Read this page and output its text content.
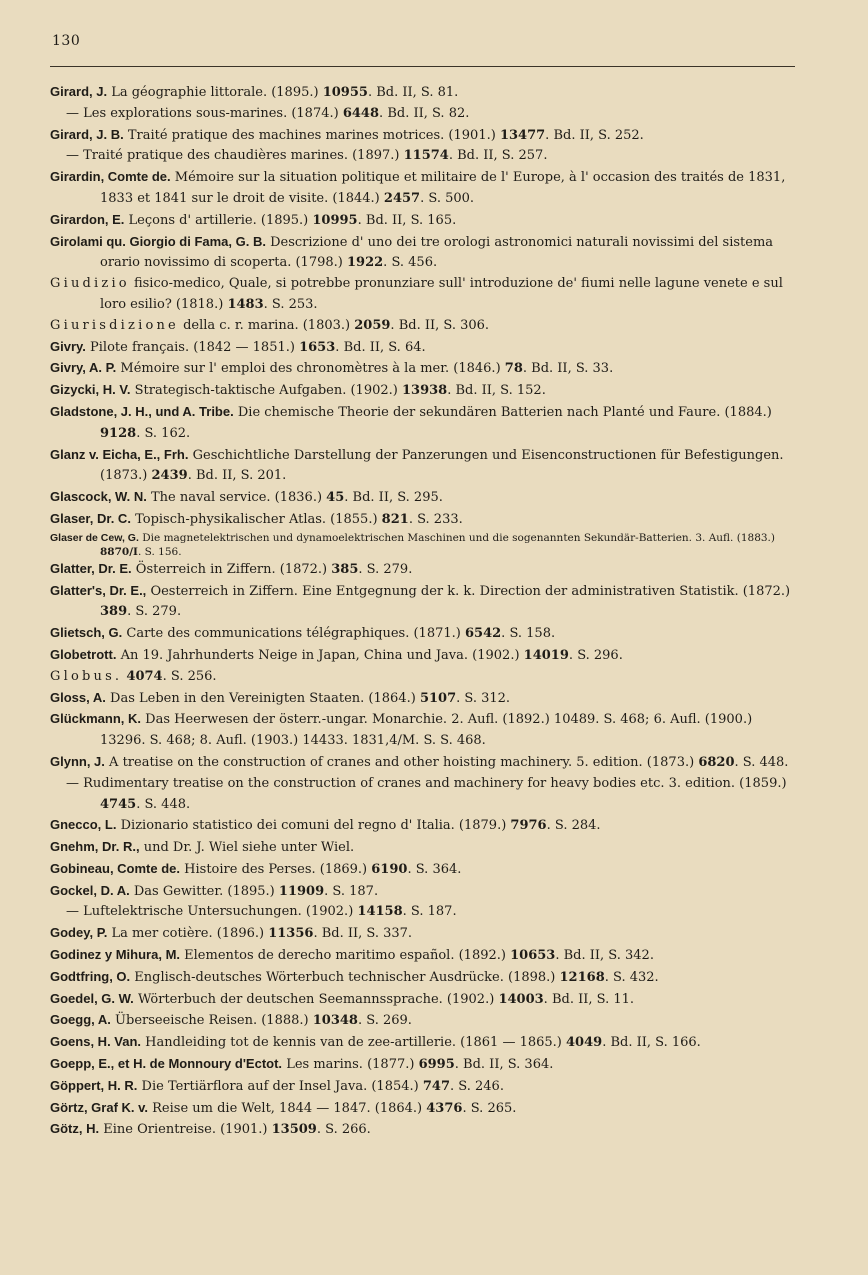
130

Girard, J. La géographie littorale. (1895.) 10955. Bd. II, S. 81.

— Les explorations sous-marines. (1874.) 6448. Bd. II, S. 82.

Girard, J. B. Traité pratique des machines marines motrices. (1901.) 13477. Bd. II, S. 252.

— Traité pratique des chaudières marines. (1897.) 11574. Bd. II, S. 257.

Girardin, Comte de. Mémoire sur la situation politique et militaire de l' Europe, à l' occasion des traités de 1831, 1833 et 1841 sur le droit de visite. (1844.) 2457. S. 500.

Girardon, E. Leçons d' artillerie. (1895.) 10995. Bd. II, S. 165.

Girolami qu. Giorgio di Fama, G. B. Descrizione d' uno dei tre orologi astronomici naturali novissimi del sistema orario novissimo di scoperta. (1798.) 1922. S. 456.

Giudizio fisico-medico, Quale, si potrebbe pronunziare sull' introduzione de' fiumi nelle lagune venete e sul loro esilio? (1818.) 1483. S. 253.

Giurisdizione della c. r. marina. (1803.) 2059. Bd. II, S. 306.

Givry. Pilote français. (1842 — 1851.) 1653. Bd. II, S. 64.

Givry, A. P. Mémoire sur l' emploi des chronomètres à la mer. (1846.) 78. Bd. II, S. 33.

Gizycki, H. V. Strategisch-taktische Aufgaben. (1902.) 13938. Bd. II, S. 152.

Gladstone, J. H., und A. Tribe. Die chemische Theorie der sekundären Batterien nach Planté und Faure. (1884.) 9128. S. 162.

Glanz v. Eicha, E., Frh. Geschichtliche Darstellung der Panzerungen und Eisenconstructionen für Befestigungen. (1873.) 2439. Bd. II, S. 201.

Glascock, W. N. The naval service. (1836.) 45. Bd. II, S. 295.

Glaser, Dr. C. Topisch-physikalischer Atlas. (1855.) 821. S. 233.

Glaser de Cew, G. Die magnetelektrischen und dynamoelektrischen Maschinen und die sogenannten Sekundär-Batterien. 3. Aufl. (1883.) 8870/I. S. 156.

Glatter, Dr. E. Österreich in Ziffern. (1872.) 385. S. 279.

Glatter's, Dr. E., Oesterreich in Ziffern. Eine Entgegnung der k. k. Direction der administrativen Statistik. (1872.) 389. S. 279.

Glietsch, G. Carte des communications télégraphiques. (1871.) 6542. S. 158.

Globetrott. An 19. Jahrhunderts Neige in Japan, China und Java. (1902.) 14019. S. 296.

Globus. 4074. S. 256.

Gloss, A. Das Leben in den Vereinigten Staaten. (1864.) 5107. S. 312.

Glückmann, K. Das Heerwesen der österr.-ungar. Monarchie. 2. Aufl. (1892.) 10489. S. 468; 6. Aufl. (1900.) 13296. S. 468; 8. Aufl. (1903.) 14433. 1831,4/M. S. S. 468.

Glynn, J. A treatise on the construction of cranes and other hoisting machinery. 5. edition. (1873.) 6820. S. 448.

— Rudimentary treatise on the construction of cranes and machinery for heavy bodies etc. 3. edition. (1859.) 4745. S. 448.

Gnecco, L. Dizionario statistico dei comuni del regno d' Italia. (1879.) 7976. S. 284.

Gnehm, Dr. R., und Dr. J. Wiel siehe unter Wiel.

Gobineau, Comte de. Histoire des Perses. (1869.) 6190. S. 364.

Gockel, D. A. Das Gewitter. (1895.) 11909. S. 187.

— Luftelektrische Untersuchungen. (1902.) 14158. S. 187.

Godey, P. La mer cotière. (1896.) 11356. Bd. II, S. 337.

Godinez y Mihura, M. Elementos de derecho maritimo español. (1892.) 10653. Bd. II, S. 342.

Godtfring, O. Englisch-deutsches Wörterbuch technischer Ausdrücke. (1898.) 12168. S. 432.

Goedel, G. W. Wörterbuch der deutschen Seemannssprache. (1902.) 14003. Bd. II, S. 11.

Goegg, A. Überseeische Reisen. (1888.) 10348. S. 269.

Goens, H. Van. Handleiding tot de kennis van de zee-artillerie. (1861 — 1865.) 4049. Bd. II, S. 166.

Goepp, E., et H. de Monnoury d'Ectot. Les marins. (1877.) 6995. Bd. II, S. 364.

Göppert, H. R. Die Tertiärflora auf der Insel Java. (1854.) 747. S. 246.

Görtz, Graf K. v. Reise um die Welt, 1844 — 1847. (1864.) 4376. S. 265.

Götz, H. Eine Orientreise. (1901.) 13509. S. 266.
